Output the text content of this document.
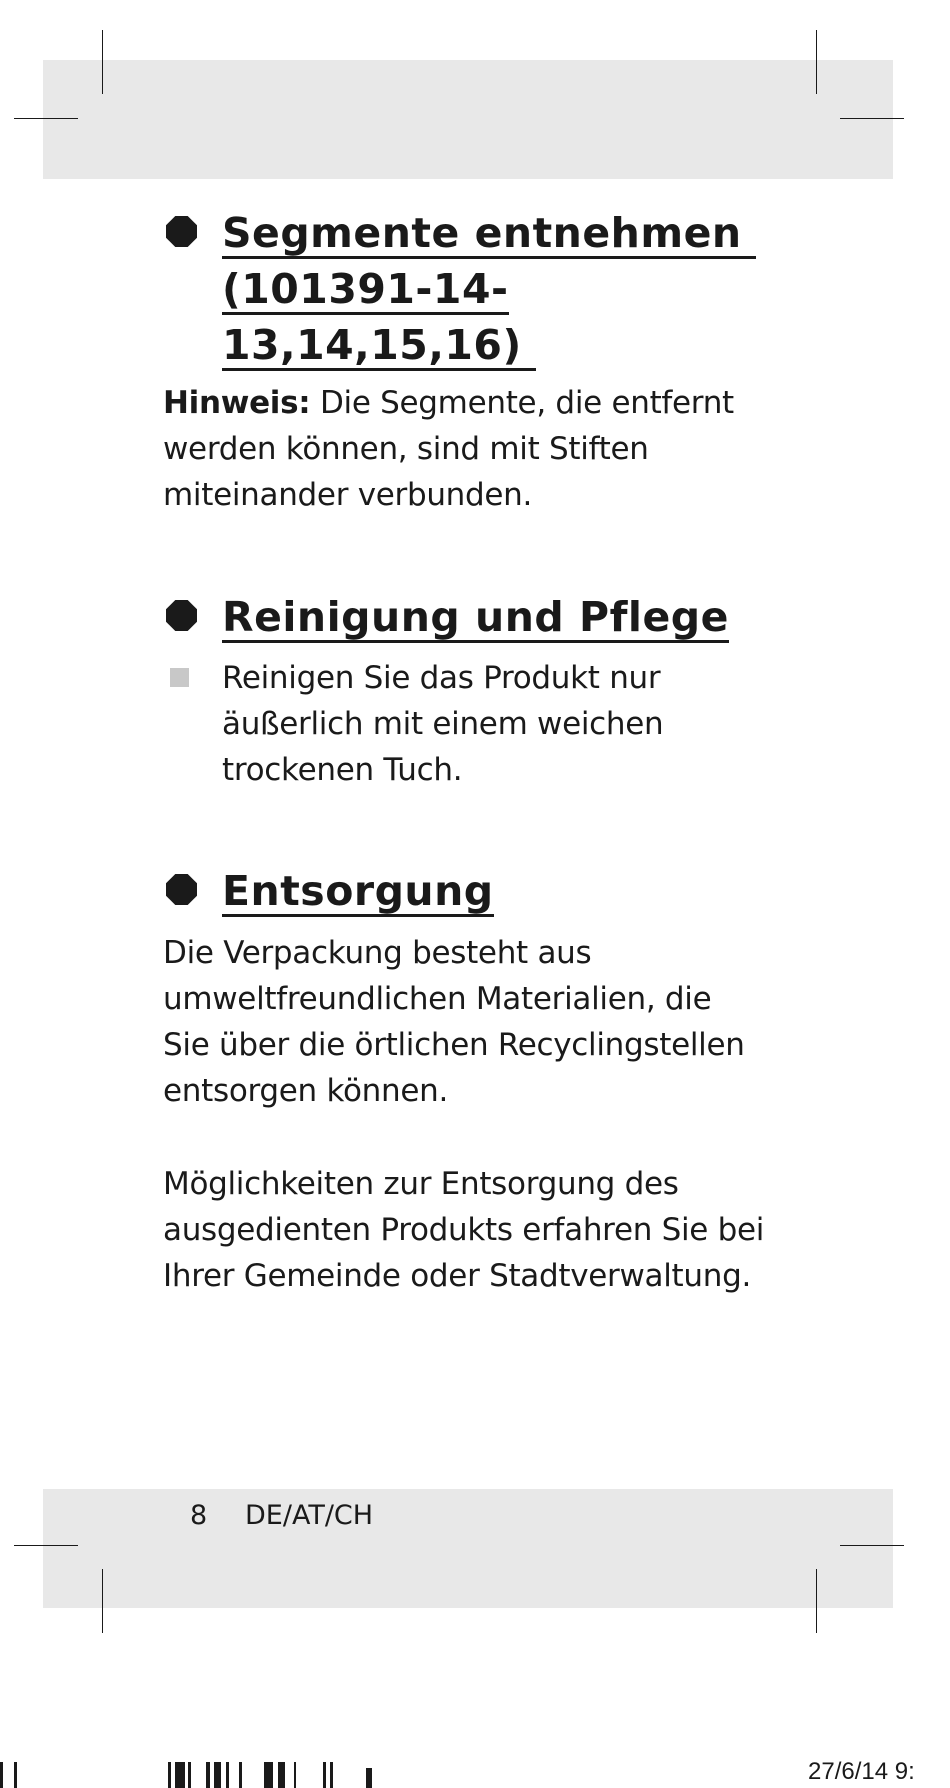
Segmente entnehmen
(101391-14-
13,14,15,16)

Hinweis: Die Segmente, die entfernt
werden können, sind mit Stiften
miteinander verbunden.

Reinigung und Pflege

Reinigen Sie das Produkt nur
äußerlich mit einem weichen
trockenen Tuch.

Entsorgung

Die Verpackung besteht aus
umweltfreundlichen Materialien, die
Sie über die örtlichen Recyclingstellen
entsorgen können.

Möglichkeiten zur Entsorgung des
ausgedienten Produkts erfahren Sie bei
Ihrer Gemeinde oder Stadtverwaltung.

8 DE/AT/CH
27/6/14 9:
